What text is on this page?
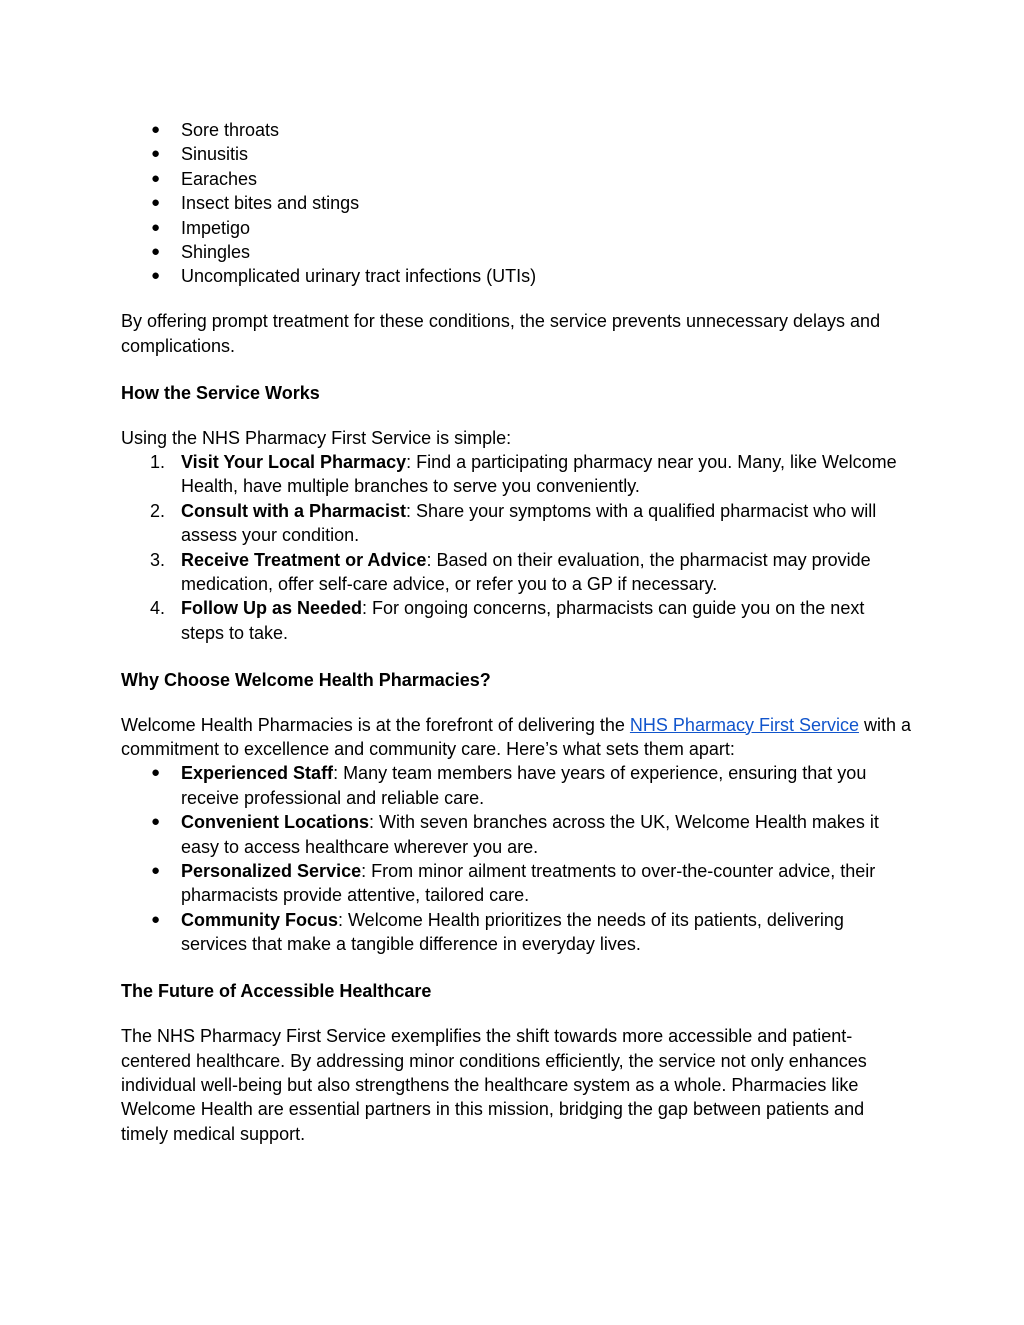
● Sore throats
● Sinusitis
● Earaches
● Insect bites and stings
● Impetigo
● Shingles
● Uncomplicated urinary tract infections (UTIs)

By offering prompt treatment for these conditions, the service prevents unnecessary delays and complications.

How the Service Works

Using the NHS Pharmacy First Service is simple:

1. Visit Your Local Pharmacy: Find a participating pharmacy near you. Many, like Welcome Health, have multiple branches to serve you conveniently.
2. Consult with a Pharmacist: Share your symptoms with a qualified pharmacist who will assess your condition.
3. Receive Treatment or Advice: Based on their evaluation, the pharmacist may provide medication, offer self-care advice, or refer you to a GP if necessary.
4. Follow Up as Needed: For ongoing concerns, pharmacists can guide you on the next steps to take.
Why Choose Welcome Health Pharmacies?

Welcome Health Pharmacies is at the forefront of delivering the NHS Pharmacy First Service with a commitment to excellence and community care. Here’s what sets them apart:

● Experienced Staff: Many team members have years of experience, ensuring that you receive professional and reliable care.
● Convenient Locations: With seven branches across the UK, Welcome Health makes it easy to access healthcare wherever you are.
● Personalized Service: From minor ailment treatments to over-the-counter advice, their pharmacists provide attentive, tailored care.
● Community Focus: Welcome Health prioritizes the needs of its patients, delivering services that make a tangible difference in everyday lives.
The Future of Accessible Healthcare

The NHS Pharmacy First Service exemplifies the shift towards more accessible and patient-centered healthcare. By addressing minor conditions efficiently, the service not only enhances individual well-being but also strengthens the healthcare system as a whole. Pharmacies like Welcome Health are essential partners in this mission, bridging the gap between patients and timely medical support.
